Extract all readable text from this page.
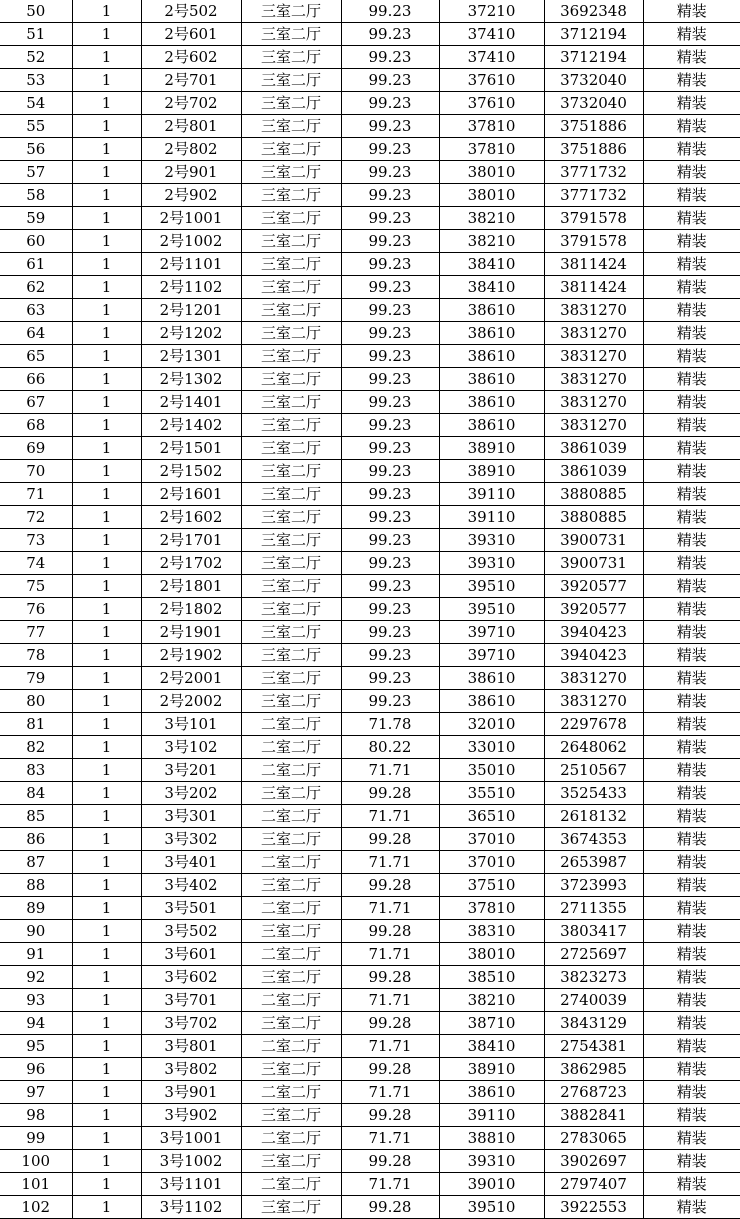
50	1	2号502	三室二厅	99.23	37210	3692348	精装
51	1	2号601	三室二厅	99.23	37410	3712194	精装
52	1	2号602	三室二厅	99.23	37410	3712194	精装
53	1	2号701	三室二厅	99.23	37610	3732040	精装
54	1	2号702	三室二厅	99.23	37610	3732040	精装
55	1	2号801	三室二厅	99.23	37810	3751886	精装
56	1	2号802	三室二厅	99.23	37810	3751886	精装
57	1	2号901	三室二厅	99.23	38010	3771732	精装
58	1	2号902	三室二厅	99.23	38010	3771732	精装
59	1	2号1001	三室二厅	99.23	38210	3791578	精装
60	1	2号1002	三室二厅	99.23	38210	3791578	精装
61	1	2号1101	三室二厅	99.23	38410	3811424	精装
62	1	2号1102	三室二厅	99.23	38410	3811424	精装
63	1	2号1201	三室二厅	99.23	38610	3831270	精装
64	1	2号1202	三室二厅	99.23	38610	3831270	精装
65	1	2号1301	三室二厅	99.23	38610	3831270	精装
66	1	2号1302	三室二厅	99.23	38610	3831270	精装
67	1	2号1401	三室二厅	99.23	38610	3831270	精装
68	1	2号1402	三室二厅	99.23	38610	3831270	精装
69	1	2号1501	三室二厅	99.23	38910	3861039	精装
70	1	2号1502	三室二厅	99.23	38910	3861039	精装
71	1	2号1601	三室二厅	99.23	39110	3880885	精装
72	1	2号1602	三室二厅	99.23	39110	3880885	精装
73	1	2号1701	三室二厅	99.23	39310	3900731	精装
74	1	2号1702	三室二厅	99.23	39310	3900731	精装
75	1	2号1801	三室二厅	99.23	39510	3920577	精装
76	1	2号1802	三室二厅	99.23	39510	3920577	精装
77	1	2号1901	三室二厅	99.23	39710	3940423	精装
78	1	2号1902	三室二厅	99.23	39710	3940423	精装
79	1	2号2001	三室二厅	99.23	38610	3831270	精装
80	1	2号2002	三室二厅	99.23	38610	3831270	精装
81	1	3号101	二室二厅	71.78	32010	2297678	精装
82	1	3号102	二室二厅	80.22	33010	2648062	精装
83	1	3号201	二室二厅	71.71	35010	2510567	精装
84	1	3号202	三室二厅	99.28	35510	3525433	精装
85	1	3号301	二室二厅	71.71	36510	2618132	精装
86	1	3号302	三室二厅	99.28	37010	3674353	精装
87	1	3号401	二室二厅	71.71	37010	2653987	精装
88	1	3号402	三室二厅	99.28	37510	3723993	精装
89	1	3号501	二室二厅	71.71	37810	2711355	精装
90	1	3号502	三室二厅	99.28	38310	3803417	精装
91	1	3号601	二室二厅	71.71	38010	2725697	精装
92	1	3号602	三室二厅	99.28	38510	3823273	精装
93	1	3号701	二室二厅	71.71	38210	2740039	精装
94	1	3号702	三室二厅	99.28	38710	3843129	精装
95	1	3号801	二室二厅	71.71	38410	2754381	精装
96	1	3号802	三室二厅	99.28	38910	3862985	精装
97	1	3号901	二室二厅	71.71	38610	2768723	精装
98	1	3号902	三室二厅	99.28	39110	3882841	精装
99	1	3号1001	二室二厅	71.71	38810	2783065	精装
100	1	3号1002	三室二厅	99.28	39310	3902697	精装
101	1	3号1101	二室二厅	71.71	39010	2797407	精装
102	1	3号1102	三室二厅	99.28	39510	3922553	精装
